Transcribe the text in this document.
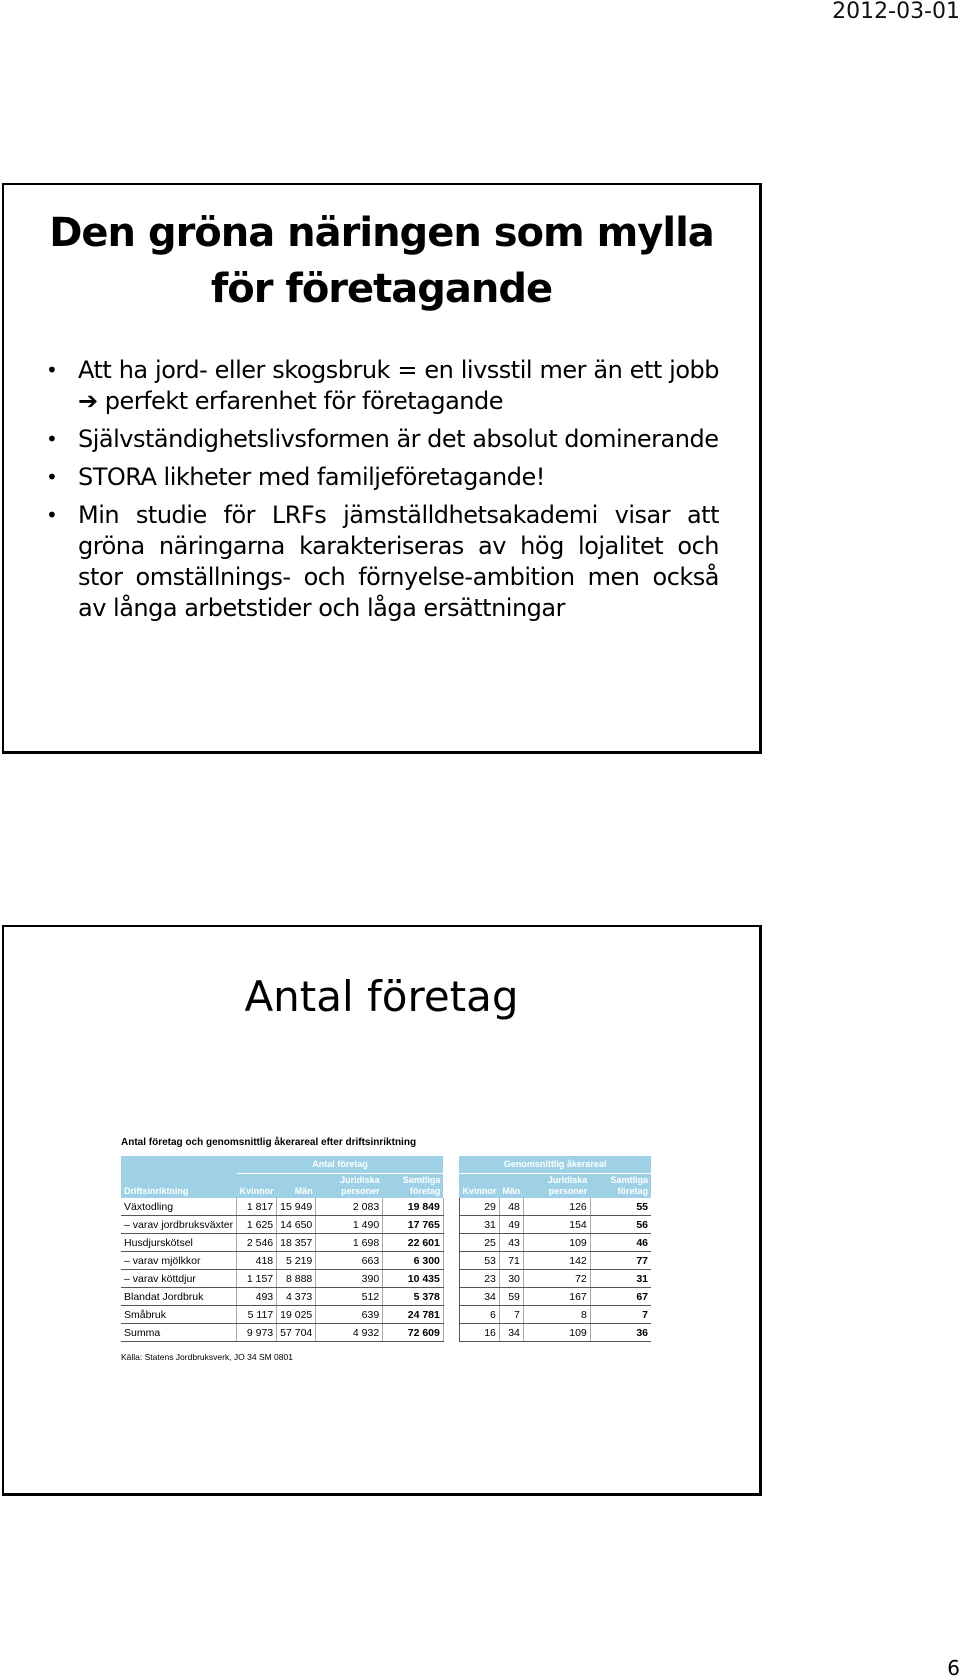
2012-03-01
Den gröna näringen som mylla för företagande
• Att ha jord- eller skogsbruk = en livsstil mer än ett jobb ➔ perfekt erfarenhet för företagande
• Självständighetslivsformen är det absolut dominerande
• STORA likheter med familjeföretagande!
• Min studie för LRFs jämställdhetsakademi visar att gröna näringarna karakteriseras av hög lojalitet och stor omställnings- och förnyelse-ambition men också av långa arbetstider och låga ersättningar
Antal företag
Antal företag och genomsnittlig åkerareal efter driftsinriktning
	Antal företag					Genomsnittlig åkerareal			
Driftsinriktning	Kvinnor	Män	Juridiska personer	Samtliga företag		Kvinnor	Män	Juridiska personer	Samtliga företag
Växtodling	1 817	15 949	2 083	19 849		29	48	126	55
– varav jordbruksväxter	1 625	14 650	1 490	17 765		31	49	154	56
Husdjurskötsel	2 546	18 357	1 698	22 601		25	43	109	46
– varav mjölkkor	418	5 219	663	6 300		53	71	142	77
– varav köttdjur	1 157	8 888	390	10 435		23	30	72	31
Blandat Jordbruk	493	4 373	512	5 378		34	59	167	67
Småbruk	5 117	19 025	639	24 781		6	7	8	7
Summa	9 973	57 704	4 932	72 609		16	34	109	36
Källa: Statens Jordbruksverk, JO 34 SM 0801
6
